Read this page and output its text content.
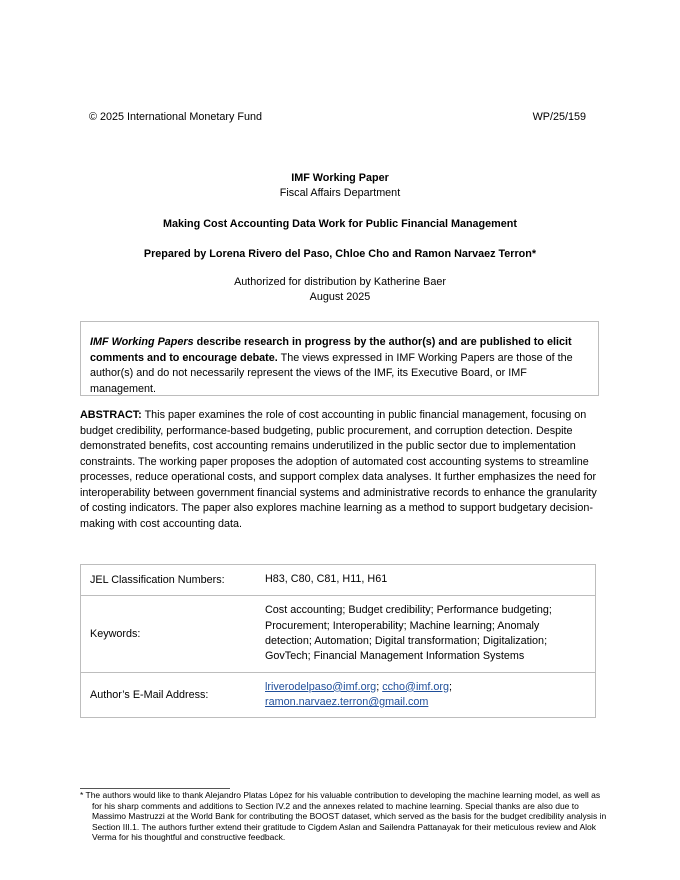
© 2025 International Monetary Fund	WP/25/159
IMF Working Paper
Fiscal Affairs Department
Making Cost Accounting Data Work for Public Financial Management
Prepared by Lorena Rivero del Paso, Chloe Cho and Ramon Narvaez Terron*
Authorized for distribution by Katherine Baer
August 2025
IMF Working Papers describe research in progress by the author(s) and are published to elicit comments and to encourage debate. The views expressed in IMF Working Papers are those of the author(s) and do not necessarily represent the views of the IMF, its Executive Board, or IMF management.
ABSTRACT: This paper examines the role of cost accounting in public financial management, focusing on budget credibility, performance-based budgeting, public procurement, and corruption detection. Despite demonstrated benefits, cost accounting remains underutilized in the public sector due to implementation constraints. The working paper proposes the adoption of automated cost accounting systems to streamline processes, reduce operational costs, and support complex data analyses. It further emphasizes the need for interoperability between government financial systems and administrative records to enhance the granularity of costing indicators. The paper also explores machine learning as a method to support budgetary decision-making with cost accounting data.
JEL Classification Numbers:	H83, C80, C81, H11, H61
Keywords:	Cost accounting; Budget credibility; Performance budgeting; Procurement; Interoperability; Machine learning; Anomaly detection; Automation; Digital transformation; Digitalization; GovTech; Financial Management Information Systems
Author’s E-Mail Address:	lriverodelpaso@imf.org; ccho@imf.org;
ramon.narvaez.terron@gmail.com
* The authors would like to thank Alejandro Platas López for his valuable contribution to developing the machine learning model, as well as for his sharp comments and additions to Section IV.2 and the annexes related to machine learning. Special thanks are also due to Massimo Mastruzzi at the World Bank for contributing the BOOST dataset, which served as the basis for the budget credibility analysis in Section III.1. The authors further extend their gratitude to Cigdem Aslan and Sailendra Pattanayak for their meticulous review and Alok Verma for his thoughtful and constructive feedback.
